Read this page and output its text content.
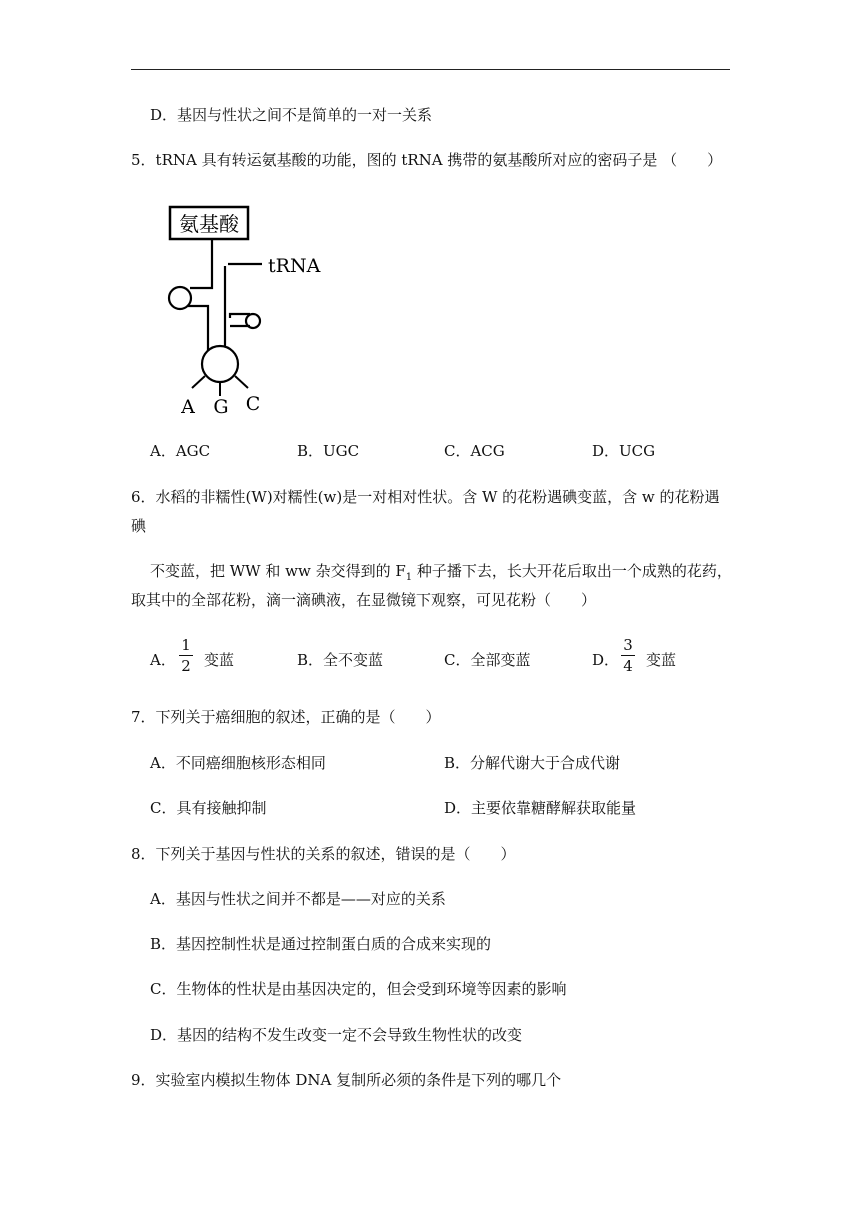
D．基因与性状之间不是简单的一对一关系
5．tRNA 具有转运氨基酸的功能，图的 tRNA 携带的氨基酸所对应的密码子是 （　　）
氨基酸
tRNA
A G C
A．AGC	B．UGC	C．ACG	D．UCG
6．水稻的非糯性(W)对糯性(w)是一对相对性状。含 W 的花粉遇碘变蓝，含 w 的花粉遇
碘
不变蓝，把 WW 和 ww 杂交得到的 $F_1$ 种子播下去，长大开花后取出一个成熟的花药，
取其中的全部花粉，滴一滴碘液，在显微镜下观察，可见花粉（　　）
A．
1
2 变蓝	B．全不变蓝	C．全部变蓝	D．
3
4 变蓝
7．下列关于癌细胞的叙述，正确的是（　　）
A．不同癌细胞核形态相同	B．分解代谢大于合成代谢
C．具有接触抑制	D．主要依靠糖酵解获取能量
8．下列关于基因与性状的关系的叙述，错误的是（　　）
A．基因与性状之间并不都是——对应的关系
B．基因控制性状是通过控制蛋白质的合成来实现的
C．生物体的性状是由基因决定的，但会受到环境等因素的影响
D．基因的结构不发生改变一定不会导致生物性状的改变
9．实验室内模拟生物体 DNA 复制所必须的条件是下列的哪几个
